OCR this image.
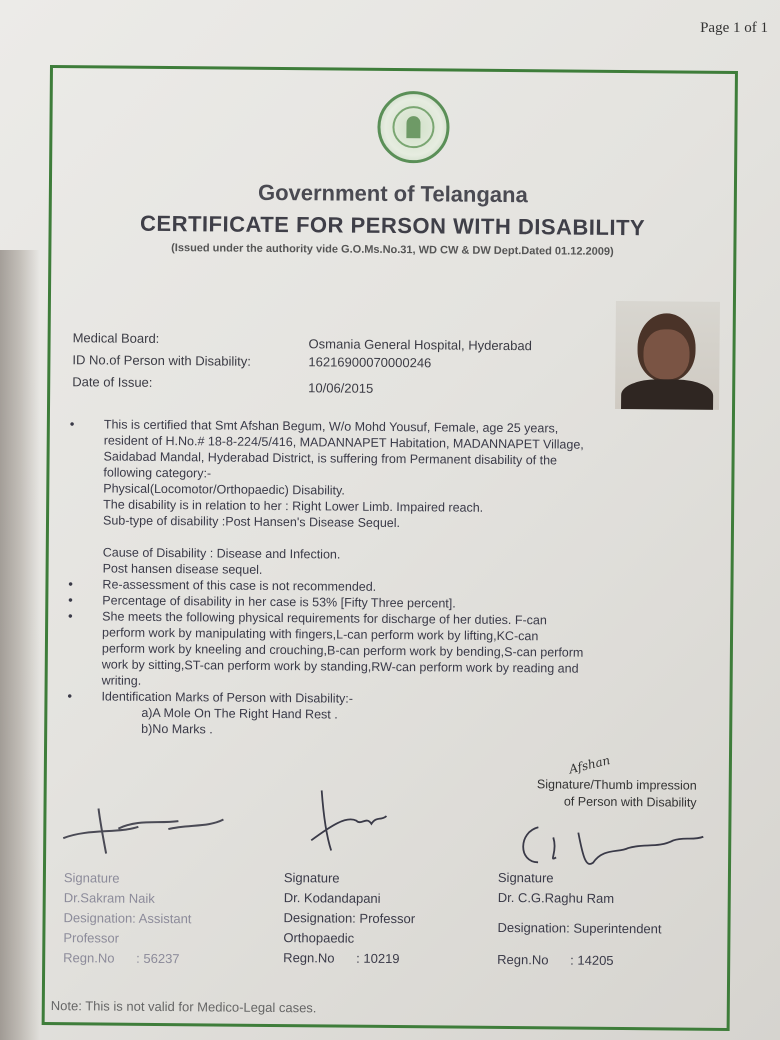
Page 1 of 1
Government of Telangana
CERTIFICATE FOR PERSON WITH DISABILITY
(Issued under the authority vide G.O.Ms.No.31, WD CW & DW Dept.Dated 01.12.2009)
Medical Board:	Osmania General Hospital, Hyderabad
ID No.of Person with Disability:	16216900070000246
Date of Issue:	10/06/2015
• This is certified that Smt Afshan Begum, W/o Mohd Yousuf, Female, age 25 years,
resident of H.No.# 18-8-224/5/416, MADANNAPET Habitation, MADANNAPET Village,
Saidabad Mandal, Hyderabad District, is suffering from Permanent disability of the
following category:-
Physical(Locomotor/Orthopaedic) Disability.
The disability is in relation to her : Right Lower Limb. Impaired reach.
Sub-type of disability :Post Hansen's Disease Sequel.
Cause of Disability : Disease and Infection.
Post hansen disease sequel.
• Re-assessment of this case is not recommended.
• Percentage of disability in her case is 53% [Fifty Three percent].
• She meets the following physical requirements for discharge of her duties. F-can
perform work by manipulating with fingers,L-can perform work by lifting,KC-can
perform work by kneeling and crouching,B-can perform work by bending,S-can perform
work by sitting,ST-can perform work by standing,RW-can perform work by reading and
writing.
• Identification Marks of Person with Disability:-
a)A Mole On The Right Hand Rest .
b)No Marks .
Afshan
Signature/Thumb impression
of Person with Disability
Signature
Dr.Sakram Naik
Designation: Assistant
Professor
Regn.No : 56237
Signature
Dr. Kodandapani
Designation: Professor
Orthopaedic
Regn.No : 10219
Signature
Dr. C.G.Raghu Ram
Designation: Superintendent
Regn.No : 14205
Note: This is not valid for Medico-Legal cases.
